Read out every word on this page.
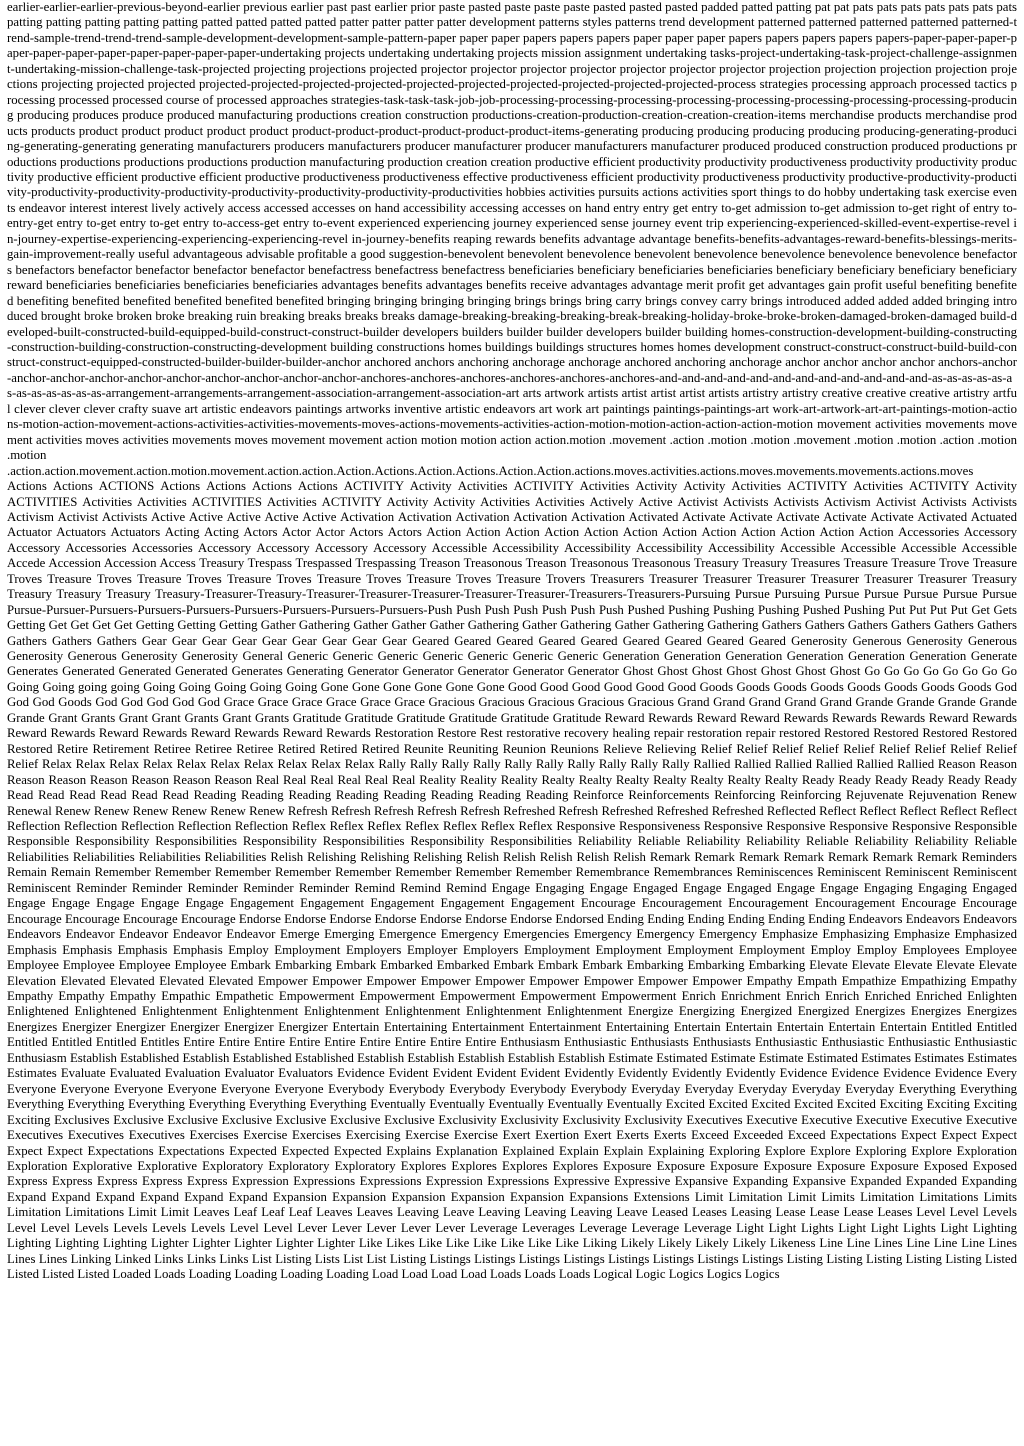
earlier-earlier-earlier-previous-beyond-earlier previous earlier past past earlier prior paste pasted paste paste paste pasted pasted pasted padded patted patting pat pat pats pats pats pats pats pats pats patting patting patting patting patting patted patted patted patted patter patter patter patter development patterns styles patterns trend development patterned patterned patterned patterned patterned-trend-sample-trend-trend-trend-sample-development-development-sample-pattern-paper paper paper papers papers papers paper paper paper papers papers papers papers papers-paper-paper-paper-paper-paper-paper-paper-paper-paper-paper-paper-undertaking projects undertaking undertaking projects mission assignment undertaking tasks-project-undertaking-task-project-challenge-assignment-undertaking-mission-challenge-task-projected projecting projections projected projector projector projector projector projector projector projector projection projection projection projection projections projecting projected projected projected-projected-projected-projected-projected-projected-projected-projected-projected-projected-process strategies processing approach processed tactics processing processed processed course of processed approaches strategies-task-task-task-job-job-processing-processing-processing-processing-processing-processing-processing-processing-producing producing produces produce produced manufacturing productions creation construction productions-creation-production-creation-creation-creation-items merchandise products merchandise products products product product product product product product-product-product-product-product-product-items-generating producing producing producing producing producing-generating-producing-generating-generating generating manufacturers producers manufacturers producer manufacturer producer manufacturers manufacturer produced produced construction produced productions productions productions productions productions production manufacturing production creation creation productive efficient productivity productivity productiveness productivity productivity productivity productive efficient productive efficient productive productiveness productiveness effective productiveness efficient productivity productiveness productivity productive-productivity-productivity-productivity-productivity-productivity-productivity-productivity-productivity-productivities hobbies activities pursuits actions activities sport things to do hobby undertaking task exercise events endeavor interest interest lively actively access accessed accesses on hand accessibility accessing accesses on hand entry entry get entry to-get admission to-get admission to-get right of entry to-entry-get entry to-get entry to-get entry to-access-get entry to-event experienced experiencing journey experienced sense journey event trip experiencing-experienced-skilled-event-expertise-revel in-journey-expertise-experiencing-experiencing-experiencing-revel in-journey-benefits reaping rewards benefits advantage advantage benefits-benefits-advantages-reward-benefits-blessings-merits-gain-improvement-really useful advantageous advisable profitable a good suggestion-benevolent benevolent benevolence benevolent benevolence benevolence benevolence benevolence benefactors benefactors benefactor benefactor benefactor benefactor benefactress benefactress benefactress beneficiaries beneficiary beneficiaries beneficiaries beneficiary beneficiary beneficiary beneficiary reward beneficiaries beneficiaries beneficiaries beneficiaries advantages benefits advantages benefits receive advantages advantage merit profit get advantages gain profit useful benefiting benefited benefiting benefited benefited benefited benefited benefited bringing bringing bringing bringing brings brings bring carry brings convey carry brings introduced added added added bringing introduced brought broke broken broke breaking ruin breaking breaks breaks breaks damage-breaking-breaking-breaking-break-breaking-holiday-broke-broke-broken-damaged-broken-damaged build-developed-built-constructed-build-equipped-build-construct-construct-builder developers builders builder builder developers builder building homes-construction-development-building-constructing-construction-building-construction-constructing-development building constructions homes buildings buildings structures homes homes development construct-construct-construct-build-build-construct-construct-equipped-constructed-builder-builder-builder-anchor anchored anchors anchoring anchorage anchorage anchored anchoring anchorage anchor anchor anchor anchor anchors-anchor-anchor-anchor-anchor-anchor-anchor-anchor-anchor-anchor-anchor-anchores-anchores-anchores-anchores-anchores-anchores-and-and-and-and-and-and-and-and-and-and-and-and-as-as-as-as-as-as-as-as-as-as-as-as-arrangement-arrangements-arrangement-association-arrangement-association-art arts artwork artists artist artist artist artists artistry artistry creative creative creative artistry artful clever clever clever crafty suave art artistic endeavors paintings artworks inventive artistic endeavors art work art paintings paintings-paintings-art work-art-artwork-art-art-paintings-motion-actions-motion-action-movement-actions-activities-activities-movements-moves-actions-movements-activities-action-motion-motion-action-action-action-motion movement activities movements movement activities moves activities movements moves movement movement action motion motion action action.motion .movement .action .motion .motion .movement .motion .motion .action .motion .motion

.action.action.movement.action.motion.movement.action.action.Action.Actions.Action.Actions.Action.Action.actions.moves.activities.actions.moves.movements.movements.actions.moves

Actions Actions ACTIONS Actions Actions Actions Actions ACTIVITY Activity Activities ACTIVITY Activities Activity Activity Activities ACTIVITY Activities ACTIVITY Activity ACTIVITIES Activities Activities ACTIVITIES Activities ACTIVITY Activity Activity Activities Activities Actively Active Activist Activists Activists Activism Activist Activists Activists Activism Activist Activists Active Active Active Active Active Activation Activation Activation Activation Activation Activated Activate Activate Activate Activate Activate Activated Actuated Actuator Actuators Actuators Acting Acting Actors Actor Actor Actors Actors Action Action Action Action Action Action Action Action Action Action Action Action Accessories Accessory Accessory Accessories Accessories Accessory Accessory Accessory Accessory Accessible Accessibility Accessibility Accessibility Accessibility Accessible Accessible Accessible Accessible Accede Accession Accession Access Treasury Trespass Trespassed Trespassing Treason Treasonous Treason Treasonous Treasonous Treasury Treasury Treasures Treasure Treasure Trove Treasure Troves Treasure Troves Treasure Troves Treasure Troves Treasure Troves Treasure Troves Treasure Trovers Treasurers Treasurer Treasurer Treasurer Treasurer Treasurer Treasurer Treasury Treasury Treasury Treasury Treasury-Treasurer-Treasury-Treasurer-Treasurer-Treasurer-Treasurer-Treasurer-Treasurers-Treasurers-Pursuing Pursue Pursuing Pursue Pursue Pursue Pursue Pursue Pursue-Pursuer-Pursuers-Pursuers-Pursuers-Pursuers-Pursuers-Pursuers-Pursuers-Push Push Push Push Push Push Push Pushed Pushing Pushing Pushing Pushed Pushing Put Put Put Put Get Gets Getting Get Get Get Get Getting Getting Getting Gather Gathering Gather Gather Gather Gathering Gather Gathering Gather Gathering Gathering Gathers Gathers Gathers Gathers Gathers Gathers Gathers Gathers Gathers Gear Gear Gear Gear Gear Gear Gear Gear Gear Geared Geared Geared Geared Geared Geared Geared Geared Geared Generosity Generous Generosity Generous Generosity Generous Generosity Generosity General Generic Generic Generic Generic Generic Generic Generic Generation Generation Generation Generation Generation Generation Generate Generates Generated Generated Generated Generates Generating Generator Generator Generator Generator Generator Ghost Ghost Ghost Ghost Ghost Ghost Ghost Go Go Go Go Go Go Go Go Going Going going going Going Going Going Going Going Gone Gone Gone Gone Gone Gone Good Good Good Good Good Good Goods Goods Goods Goods Goods Goods Goods Goods God God God Goods God God God God God Grace Grace Grace Grace Grace Grace Gracious Gracious Gracious Gracious Gracious Grand Grand Grand Grand Grand Grande Grande Grande Grande Grande Grant Grants Grant Grant Grants Grant Grants Gratitude Gratitude Gratitude Gratitude Gratitude Gratitude Reward Rewards Reward Reward Rewards Rewards Rewards Reward Rewards Reward Rewards Reward Rewards Reward Rewards Reward Rewards Restoration Restore Rest restorative recovery healing repair restoration repair restored Restored Restored Restored Restored Restored Retire Retirement Retiree Retiree Retiree Retired Retired Retired Reunite Reuniting Reunion Reunions Relieve Relieving Relief Relief Relief Relief Relief Relief Relief Relief Relief Relief Relax Relax Relax Relax Relax Relax Relax Relax Relax Relax Rally Rally Rally Rally Rally Rally Rally Rally Rally Rally Rallied Rallied Rallied Rallied Rallied Rallied Reason Reason Reason Reason Reason Reason Reason Reason Real Real Real Real Real Real Reality Reality Reality Realty Realty Realty Realty Realty Realty Realty Ready Ready Ready Ready Ready Ready Read Read Read Read Read Read Reading Reading Reading Reading Reading Reading Reading Reading Reinforce Reinforcements Reinforcing Reinforcing Rejuvenate Rejuvenation Renew Renewal Renew Renew Renew Renew Renew Renew Refresh Refresh Refresh Refresh Refresh Refreshed Refresh Refreshed Refreshed Refreshed Reflected Reflect Reflect Reflect Reflect Reflect Reflection Reflection Reflection Reflection Reflection Reflex Reflex Reflex Reflex Reflex Reflex Reflex Responsive Responsiveness Responsive Responsive Responsive Responsive Responsible Responsible Responsibility Responsibilities Responsibility Responsibilities Responsibility Responsibilities Reliability Reliable Reliability Reliability Reliable Reliability Reliability Reliable Reliabilities Reliabilities Reliabilities Reliabilities Relish Relishing Relishing Relishing Relish Relish Relish Relish Relish Remark Remark Remark Remark Remark Remark Remark Reminders Remain Remain Remember Remember Remember Remember Remember Remember Remember Remember Remembrance Remembrances Reminiscences Reminiscent Reminiscent Reminiscent Reminiscent Reminder Reminder Reminder Reminder Reminder Remind Remind Remind Engage Engaging Engage Engaged Engage Engaged Engage Engage Engaging Engaging Engaged Engage Engage Engage Engage Engage Engagement Engagement Engagement Engagement Engagement Encourage Encouragement Encouragement Encouragement Encourage Encourage Encourage Encourage Encourage Encourage Endorse Endorse Endorse Endorse Endorse Endorse Endorse Endorsed Ending Ending Ending Ending Ending Ending Endeavors Endeavors Endeavors Endeavors Endeavor Endeavor Endeavor Endeavor Emerge Emerging Emergence Emergency Emergencies Emergency Emergency Emergency Emphasize Emphasizing Emphasize Emphasized Emphasis Emphasis Emphasis Emphasis Employ Employment Employers Employer Employers Employment Employment Employment Employment Employ Employ Employees Employee Employee Employee Employee Employee Embark Embarking Embark Embarked Embarked Embark Embark Embark Embarking Embarking Embarking Elevate Elevate Elevate Elevate Elevate Elevation Elevated Elevated Elevated Elevated Empower Empower Empower Empower Empower Empower Empower Empower Empower Empathy Empath Empathize Empathizing Empathy Empathy Empathy Empathy Empathic Empathetic Empowerment Empowerment Empowerment Empowerment Empowerment Enrich Enrichment Enrich Enrich Enriched Enriched Enlighten Enlightened Enlightened Enlightenment Enlightenment Enlightenment Enlightenment Enlightenment Enlightenment Energize Energizing Energized Energized Energizes Energizes Energizes Energizes Energizer Energizer Energizer Energizer Energizer Entertain Entertaining Entertainment Entertainment Entertaining Entertain Entertain Entertain Entertain Entertain Entitled Entitled Entitled Entitled Entitled Entitles Entire Entire Entire Entire Entire Entire Entire Entire Entire Enthusiasm Enthusiastic Enthusiasts Enthusiasts Enthusiastic Enthusiastic Enthusiastic Enthusiastic Enthusiasm Establish Established Establish Established Established Establish Establish Establish Establish Establish Estimate Estimated Estimate Estimate Estimated Estimates Estimates Estimates Estimates Evaluate Evaluated Evaluation Evaluator Evaluators Evidence Evident Evident Evident Evident Evidently Evidently Evidently Evidently Evidence Evidence Evidence Evidence Every Everyone Everyone Everyone Everyone Everyone Everyone Everybody Everybody Everybody Everybody Everybody Everyday Everyday Everyday Everyday Everyday Everything Everything Everything Everything Everything Everything Everything Everything Eventually Eventually Eventually Eventually Eventually Excited Excited Excited Excited Excited Exciting Exciting Exciting Exciting Exclusives Exclusive Exclusive Exclusive Exclusive Exclusive Exclusive Exclusivity Exclusivity Exclusivity Exclusivity Executives Executive Executive Executive Executive Executive Executives Executives Executives Exercises Exercise Exercises Exercising Exercise Exercise Exert Exertion Exert Exerts Exerts Exceed Exceeded Exceed Expectations Expect Expect Expect Expect Expect Expectations Expectations Expected Expected Expected Explains Explanation Explained Explain Explain Explaining Exploring Explore Explore Exploring Explore Exploration Exploration Explorative Explorative Exploratory Exploratory Exploratory Explores Explores Explores Explores Exposure Exposure Exposure Exposure Exposure Exposure Exposed Exposed Express Express Express Express Express Expression Expressions Expressions Expression Expressions Expressive Expressive Expansive Expanding Expansive Expanded Expanded Expanding Expand Expand Expand Expand Expand Expand Expansion Expansion Expansion Expansion Expansion Expansions Extensions Limit Limitation Limit Limits Limitation Limitations Limits Limitation Limitations Limit Limit Leaves Leaf Leaf Leaf Leaves Leaves Leaving Leave Leaving Leaving Leaving Leave Leased Leases Leasing Lease Lease Lease Leases Level Level Levels Level Level Levels Levels Levels Levels Level Level Lever Lever Lever Lever Lever Leverage Leverages Leverage Leverage Leverage Light Light Lights Light Light Lights Light Lighting Lighting Lighting Lighting Lighter Lighter Lighter Lighter Lighter Like Likes Like Like Like Like Like Like Liking Likely Likely Likely Likely Likeness Line Line Lines Line Line Line Lines Lines Lines Linking Linked Links Links Links List Listing Lists List List Listing Listings Listings Listings Listings Listings Listings Listings Listings Listing Listing Listing Listing Listing Listed Listed Listed Listed Loaded Loads Loading Loading Loading Loading Load Load Load Load Loads Loads Loads Logical Logic Logics Logics Logics
